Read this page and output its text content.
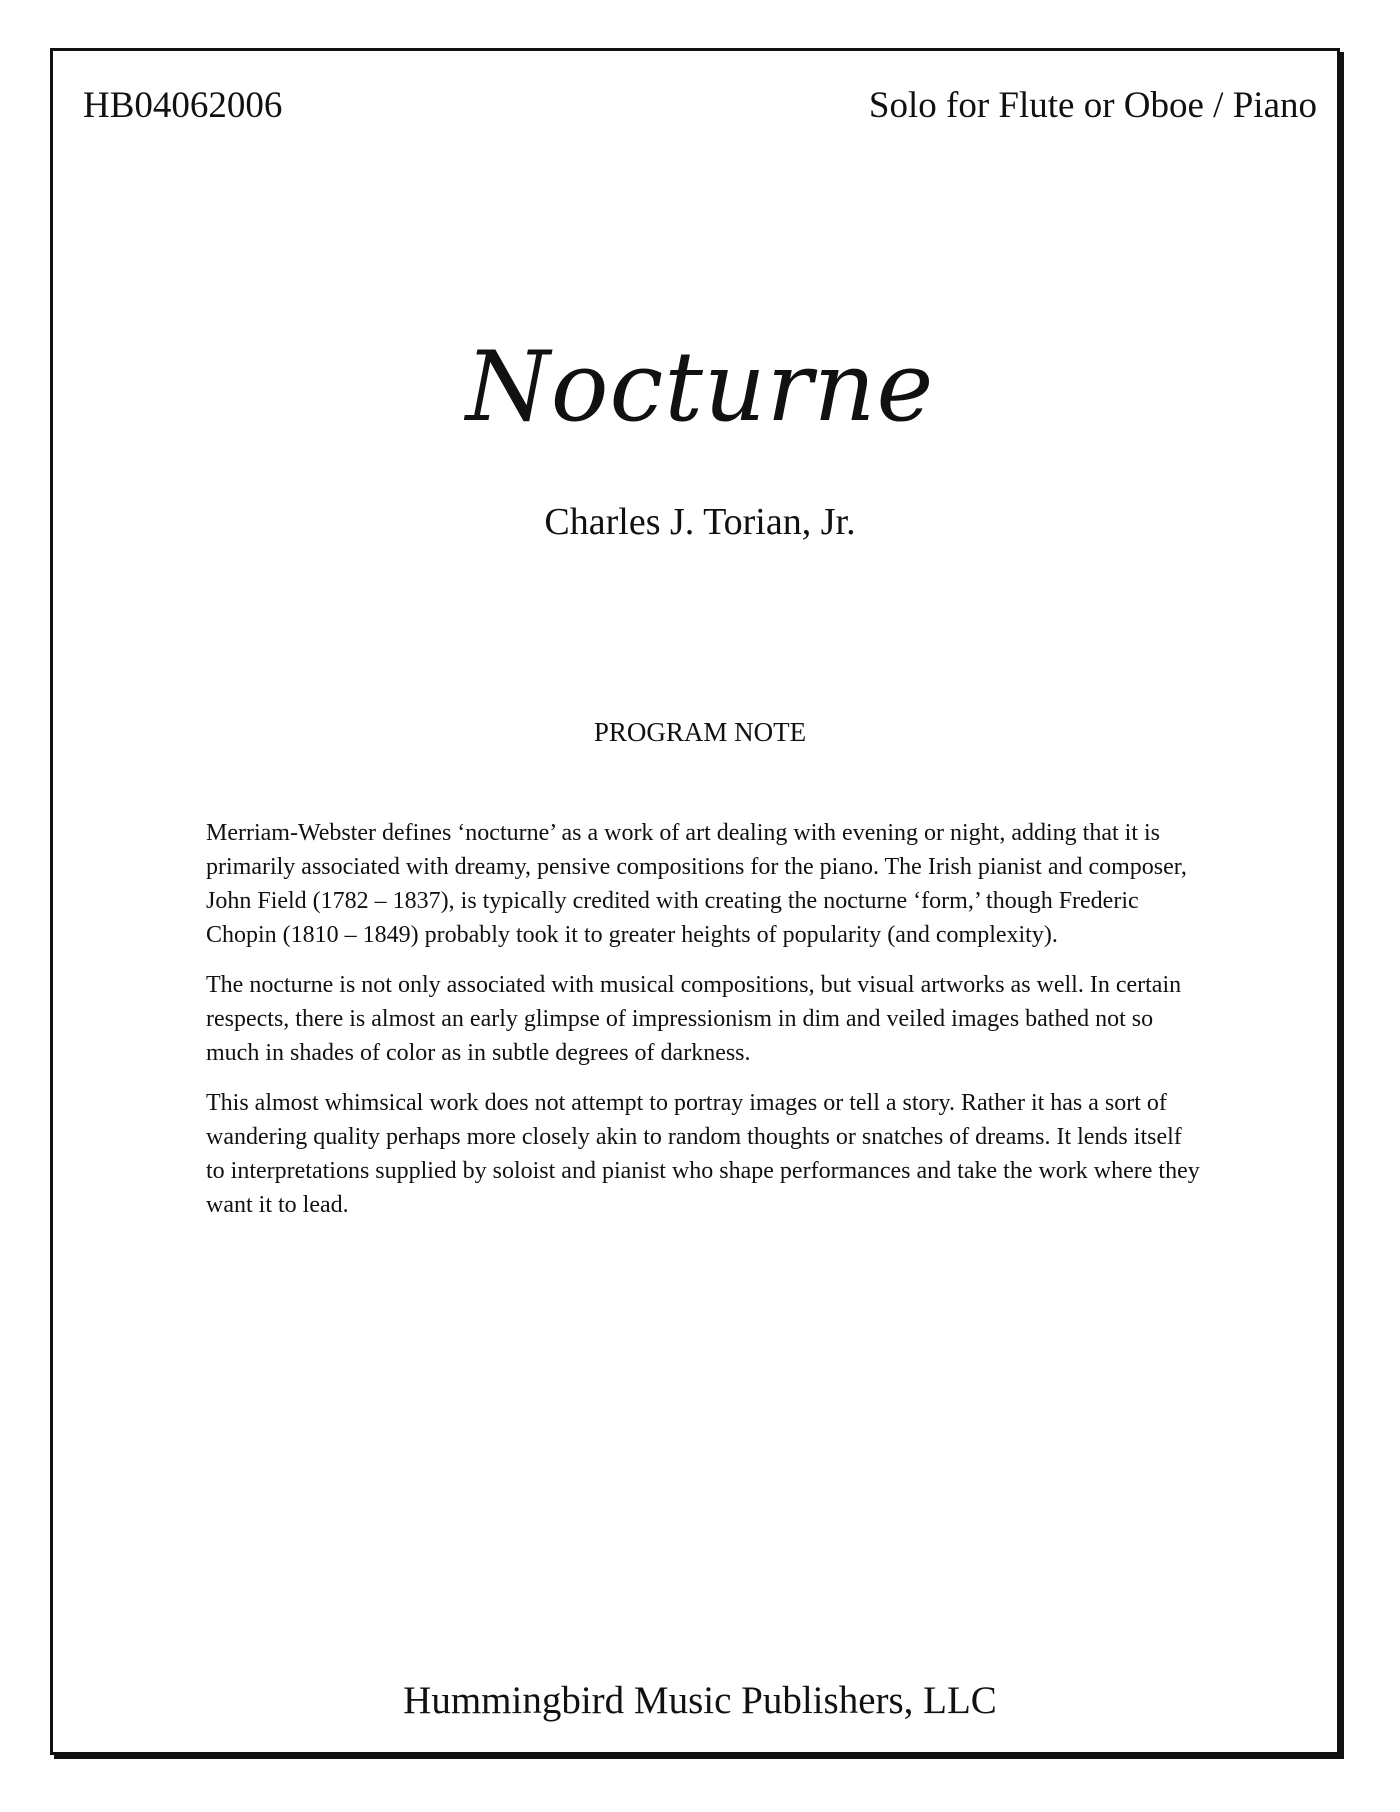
HB04062006	Solo for Flute or Oboe / Piano
Nocturne
Charles J. Torian, Jr.
PROGRAM NOTE

Merriam-Webster defines ‘nocturne’ as a work of art dealing with evening or night, adding that it is primarily associated with dreamy, pensive compositions for the piano. The Irish pianist and composer, John Field (1782 – 1837), is typically credited with creating the nocturne ‘form,’ though Frederic Chopin (1810 – 1849) probably took it to greater heights of popularity (and complexity).

The nocturne is not only associated with musical compositions, but visual artworks as well. In certain respects, there is almost an early glimpse of impressionism in dim and veiled images bathed not so much in shades of color as in subtle degrees of darkness.

This almost whimsical work does not attempt to portray images or tell a story. Rather it has a sort of wandering quality perhaps more closely akin to random thoughts or snatches of dreams. It lends itself to interpretations supplied by soloist and pianist who shape performances and take the work where they want it to lead.

Hummingbird Music Publishers, LLC
